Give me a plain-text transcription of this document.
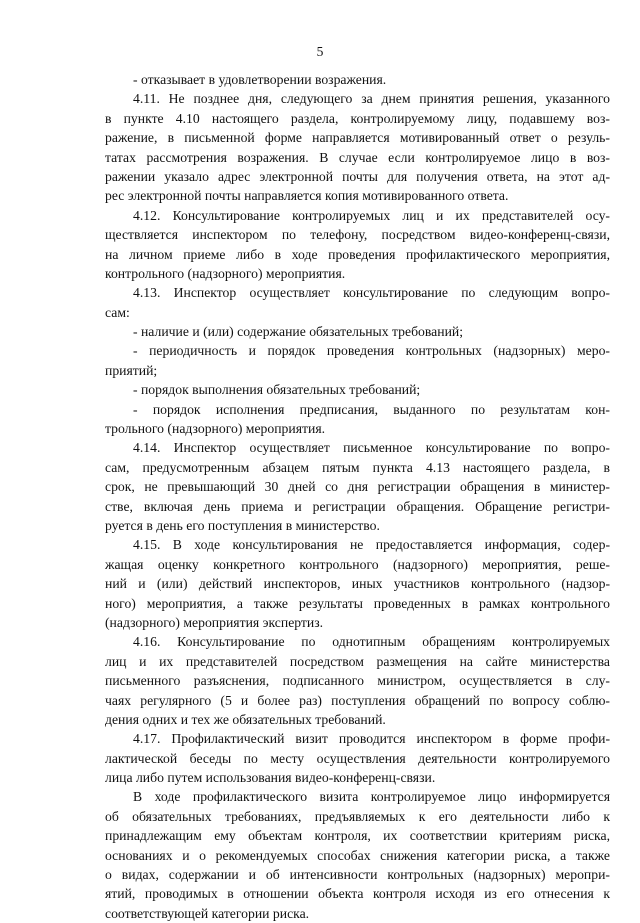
5
- отказывает в удовлетворении возражения.
4.11. Не позднее дня, следующего за днем принятия решения, указанного
в пункте 4.10 настоящего раздела, контролируемому лицу, подавшему воз-
ражение, в письменной форме направляется мотивированный ответ о резуль-
татах рассмотрения возражения. В случае если контролируемое лицо в воз-
ражении указало адрес электронной почты для получения ответа, на этот ад-
рес электронной почты направляется копия мотивированного ответа.
4.12. Консультирование контролируемых лиц и их представителей осу-
ществляется инспектором по телефону, посредством видео-конференц-связи,
на личном приеме либо в ходе проведения профилактического мероприятия,
контрольного (надзорного) мероприятия.
4.13. Инспектор осуществляет консультирование по следующим вопро-
сам:
- наличие и (или) содержание обязательных требований;
- периодичность и порядок проведения контрольных (надзорных) меро-
приятий;
- порядок выполнения обязательных требований;
- порядок исполнения предписания, выданного по результатам кон-
трольного (надзорного) мероприятия.
4.14. Инспектор осуществляет письменное консультирование по вопро-
сам, предусмотренным абзацем пятым пункта 4.13 настоящего раздела, в
срок, не превышающий 30 дней со дня регистрации обращения в министер-
стве, включая день приема и регистрации обращения. Обращение регистри-
руется в день его поступления в министерство.
4.15. В ходе консультирования не предоставляется информация, содер-
жащая оценку конкретного контрольного (надзорного) мероприятия, реше-
ний и (или) действий инспекторов, иных участников контрольного (надзор-
ного) мероприятия, а также результаты проведенных в рамках контрольного
(надзорного) мероприятия экспертиз.
4.16. Консультирование по однотипным обращениям контролируемых
лиц и их представителей посредством размещения на сайте министерства
письменного разъяснения, подписанного министром, осуществляется в слу-
чаях регулярного (5 и более раз) поступления обращений по вопросу соблю-
дения одних и тех же обязательных требований.
4.17. Профилактический визит проводится инспектором в форме профи-
лактической беседы по месту осуществления деятельности контролируемого
лица либо путем использования видео-конференц-связи.
В ходе профилактического визита контролируемое лицо информируется
об обязательных требованиях, предъявляемых к его деятельности либо к
принадлежащим ему объектам контроля, их соответствии критериям риска,
основаниях и о рекомендуемых способах снижения категории риска, а также
о видах, содержании и об интенсивности контрольных (надзорных) меропри-
ятий, проводимых в отношении объекта контроля исходя из его отнесения к
соответствующей категории риска.
